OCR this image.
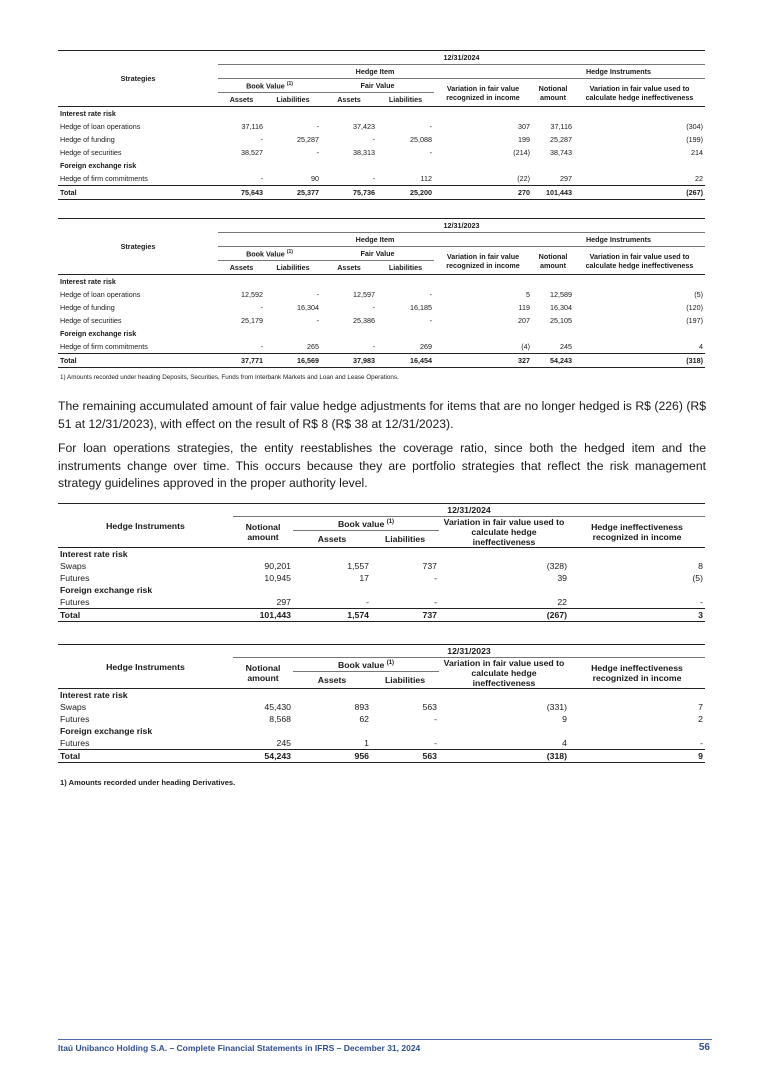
Strategies	12/31/2024						
	Hedge Item					Hedge Instruments	
	Book Value $^{(1)}$		Fair Value		Variation in fair value recognized in income	Notional amount	Variation in fair value used to calculate hedge ineffectiveness
	Assets	Liabilities	Assets	Liabilities			
Interest rate risk							
Hedge of loan operations	37,116	-	37,423	-	307	37,116	(304)
Hedge of funding	-	25,287	-	25,088	199	25,287	(199)
Hedge of securities	38,527	-	38,313	-	(214)	38,743	214
Foreign exchange risk							
Hedge of firm commitments	-	90	-	112	(22)	297	22
Total	75,643	25,377	75,736	25,200	270	101,443	(267)
Strategies	12/31/2023						
	Hedge Item					Hedge Instruments	
	Book Value $^{(1)}$		Fair Value		Variation in fair value recognized in income	Notional amount	Variation in fair value used to calculate hedge ineffectiveness
	Assets	Liabilities	Assets	Liabilities			
Interest rate risk							
Hedge of loan operations	12,592	-	12,597	-	5	12,589	(5)
Hedge of funding	-	16,304	-	16,185	119	16,304	(120)
Hedge of securities	25,179	-	25,386	-	207	25,105	(197)
Foreign exchange risk							
Hedge of firm commitments	-	265	-	269	(4)	245	4
Total	37,771	16,569	37,983	16,454	327	54,243	(318)
1) Amounts recorded under heading Deposits, Securities, Funds from Interbank Markets and Loan and Lease Operations.

The remaining accumulated amount of fair value hedge adjustments for items that are no longer hedged is R$ (226) (R$ 51 at 12/31/2023), with effect on the result of R$ 8 (R$ 38 at 12/31/2023).

For loan operations strategies, the entity reestablishes the coverage ratio, since both the hedged item and the instruments change over time. This occurs because they are portfolio strategies that reflect the risk management strategy guidelines approved in the proper authority level.

Hedge Instruments	12/31/2024				
	Notional amount	Book value $^{(1)}$		Variation in fair value used to calculate hedge ineffectiveness	Hedge ineffectiveness recognized in income
		Assets	Liabilities		
Interest rate risk					
Swaps	90,201	1,557	737	(328)	8
Futures	10,945	17	-	39	(5)
Foreign exchange risk					
Futures	297	-	-	22	-
Total	101,443	1,574	737	(267)	3
Hedge Instruments	12/31/2023				
	Notional amount	Book value $^{(1)}$		Variation in fair value used to calculate hedge ineffectiveness	Hedge ineffectiveness recognized in income
		Assets	Liabilities		
Interest rate risk					
Swaps	45,430	893	563	(331)	7
Futures	8,568	62	-	9	2
Foreign exchange risk					
Futures	245	1	-	4	-
Total	54,243	956	563	(318)	9
1) Amounts recorded under heading Derivatives.
Itaú Unibanco Holding S.A. – Complete Financial Statements in IFRS – December 31, 2024	56
